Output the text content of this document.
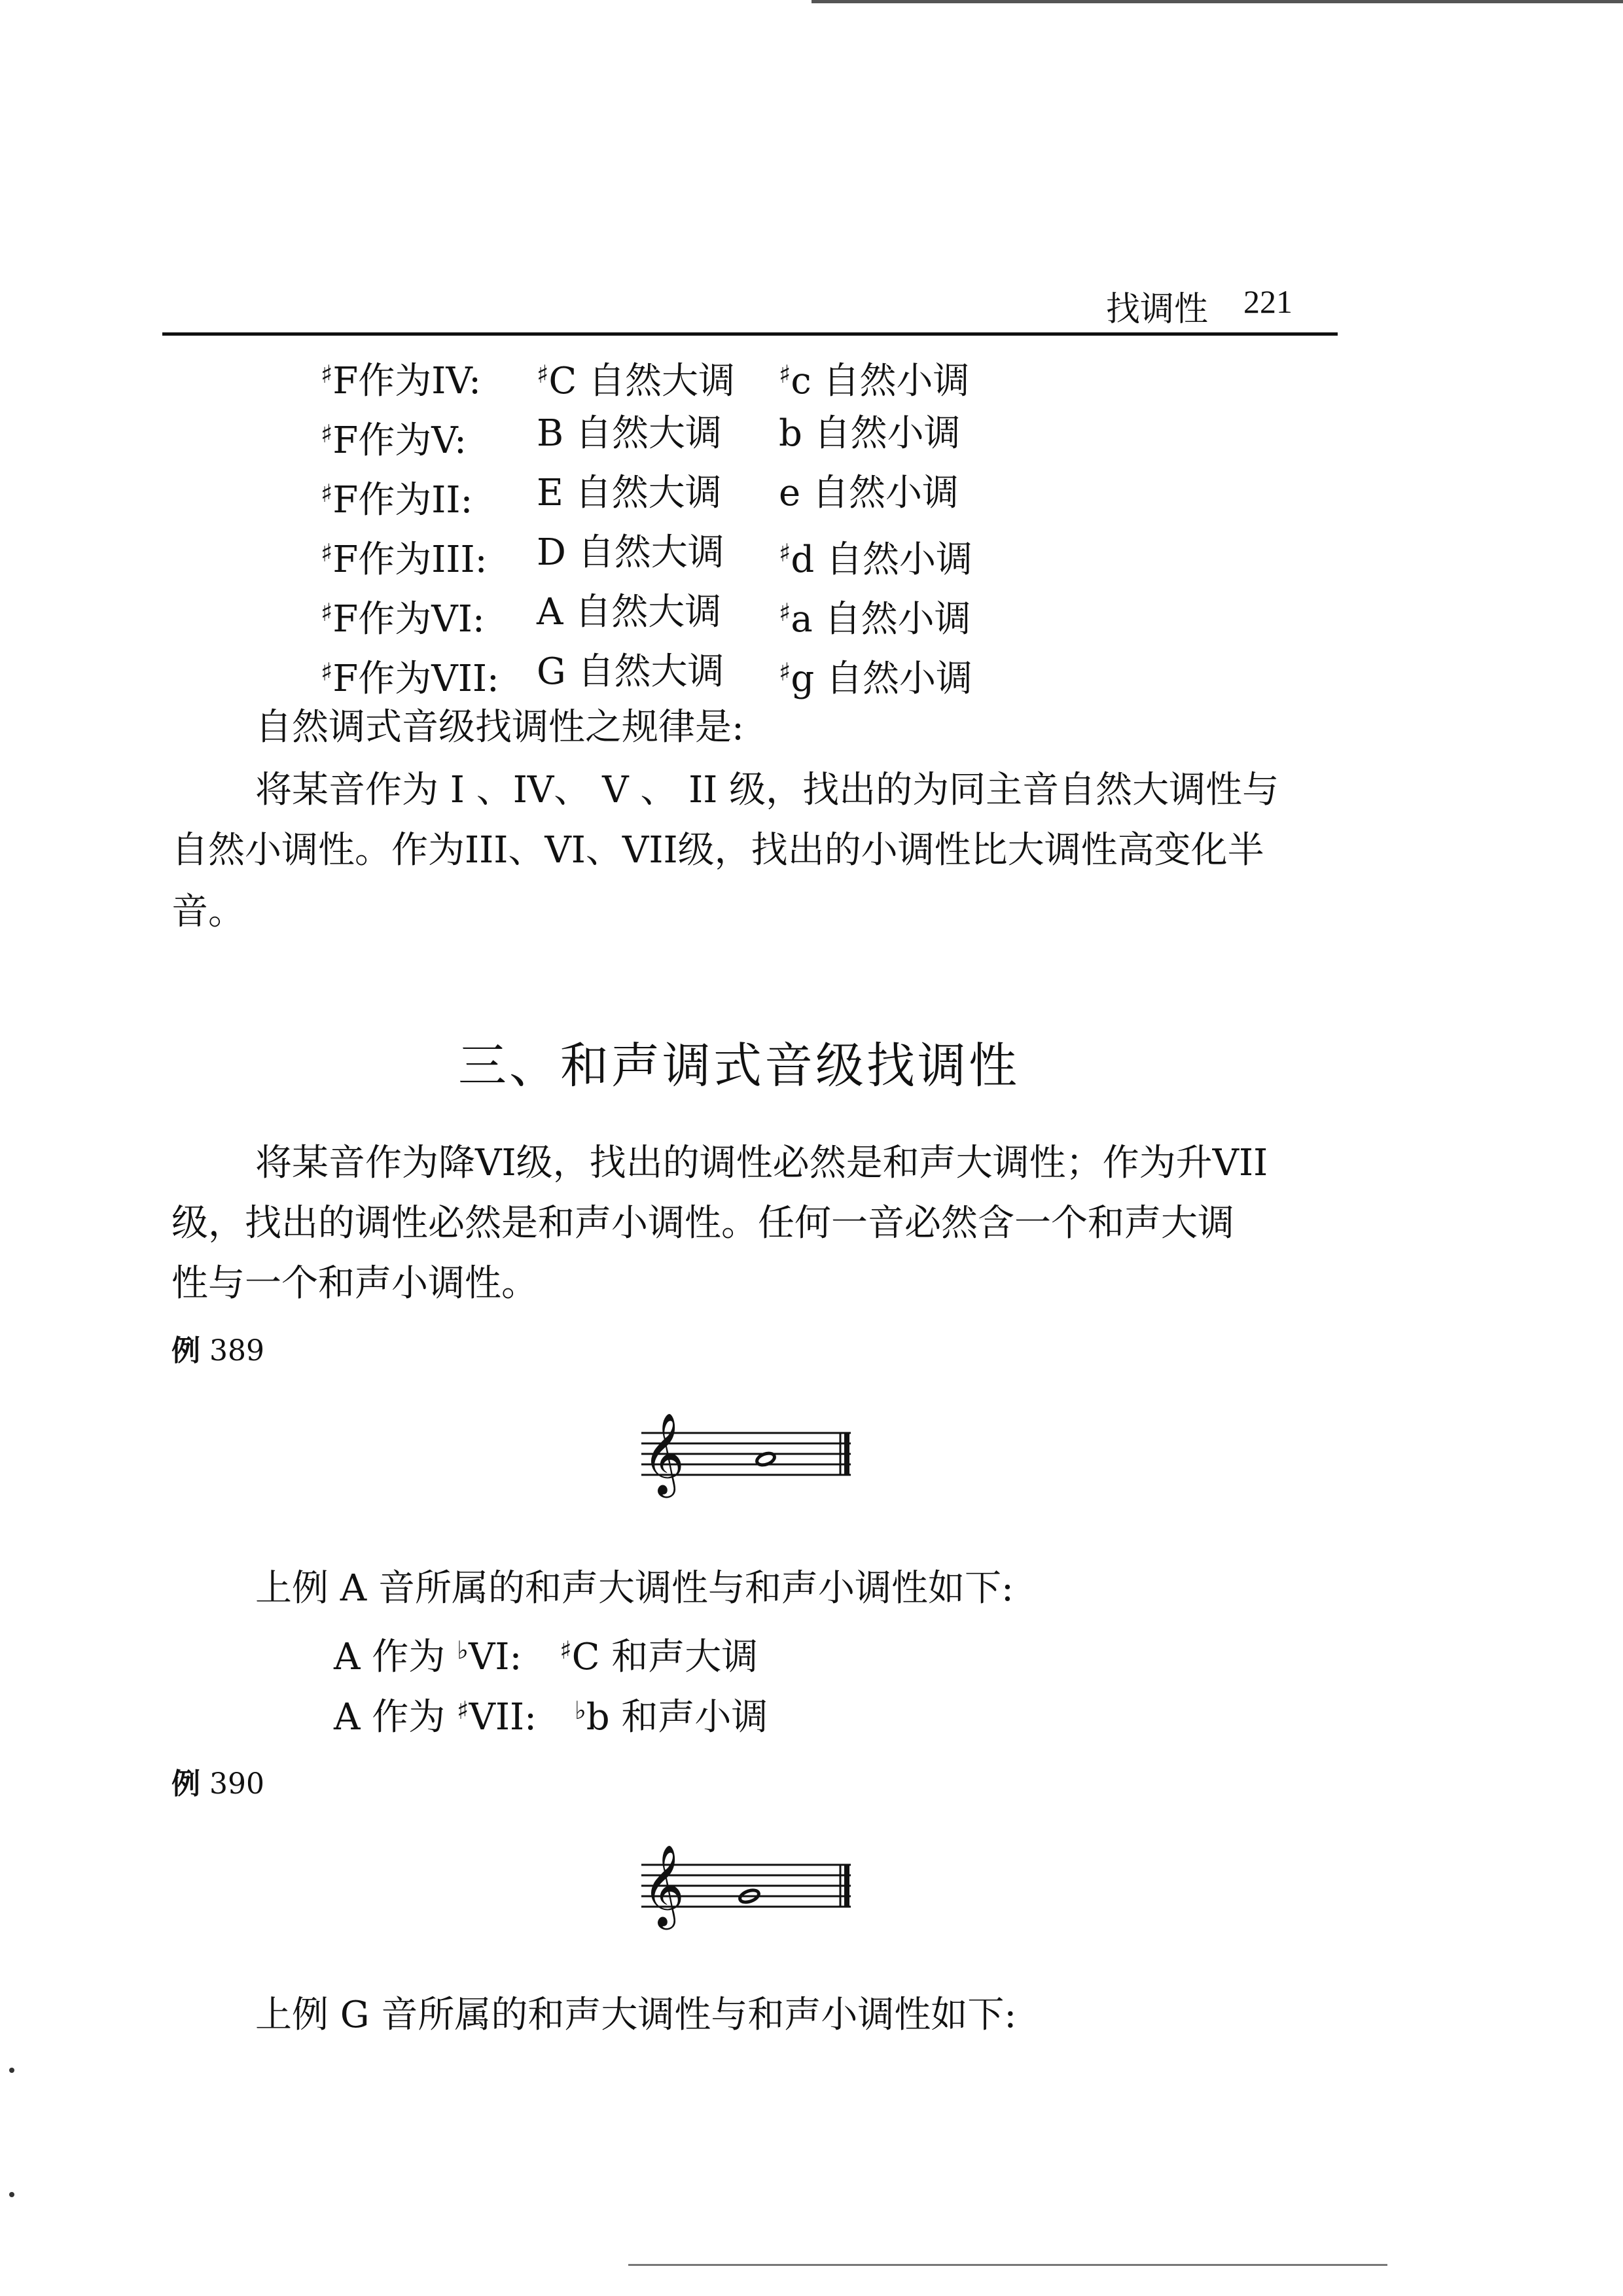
找调性 221
♯F作为IV: ♯C 自然大调 ♯c 自然小调
♯F作为V: B 自然大调 b 自然小调
♯F作为II: E 自然大调 e 自然小调
♯F作为III: D 自然大调 ♯d 自然小调
♯F作为VI: A 自然大调 ♯a 自然小调
♯F作为VII: G 自然大调 ♯g 自然小调
自然调式音级找调性之规律是:
将某音作为 I 、IV、 V 、 II 级，找出的为同主音自然大调性与
自然小调性。作为III、VI、VII级，找出的小调性比大调性高变化半
音。
三、和声调式音级找调性
将某音作为降VI级，找出的调性必然是和声大调性；作为升VII
级，找出的调性必然是和声小调性。任何一音必然含一个和声大调
性与一个和声小调性。
例 389
𝄞
上例 A 音所属的和声大调性与和声小调性如下:
A 作为 ♭VI: ♯C 和声大调
A 作为 ♯VII: ♭b 和声小调
例 390
𝄞
上例 G 音所属的和声大调性与和声小调性如下:
